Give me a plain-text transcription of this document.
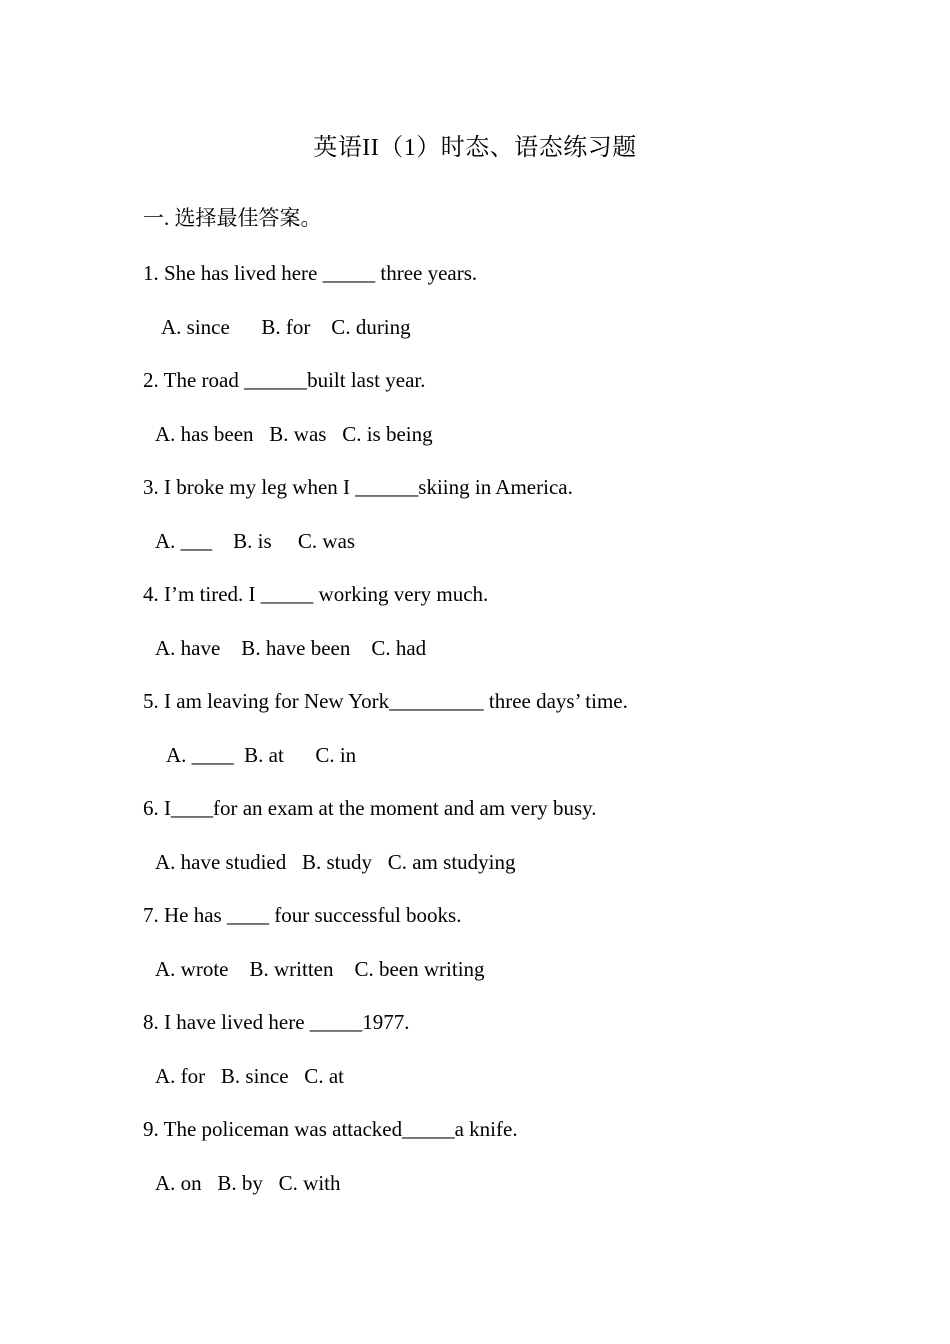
英语II（1）时态、语态练习题
一. 选择最佳答案。
1. She has lived here _____ three years.
A. since      B. for    C. during
2. The road ______built last year.
A. has been   B. was   C. is being
3. I broke my leg when I ______skiing in America.
A. ___    B. is     C. was
4. I’m tired. I _____ working very much.
A. have    B. have been    C. had
5. I am leaving for New York_________ three days’ time.
A. ____  B. at      C. in
6. I____for an exam at the moment and am very busy.
A. have studied   B. study   C. am studying
7. He has ____ four successful books.
A. wrote    B. written    C. been writing
8. I have lived here _____1977.
A. for   B. since   C. at
9. The policeman was attacked_____a knife.
A. on   B. by   C. with
